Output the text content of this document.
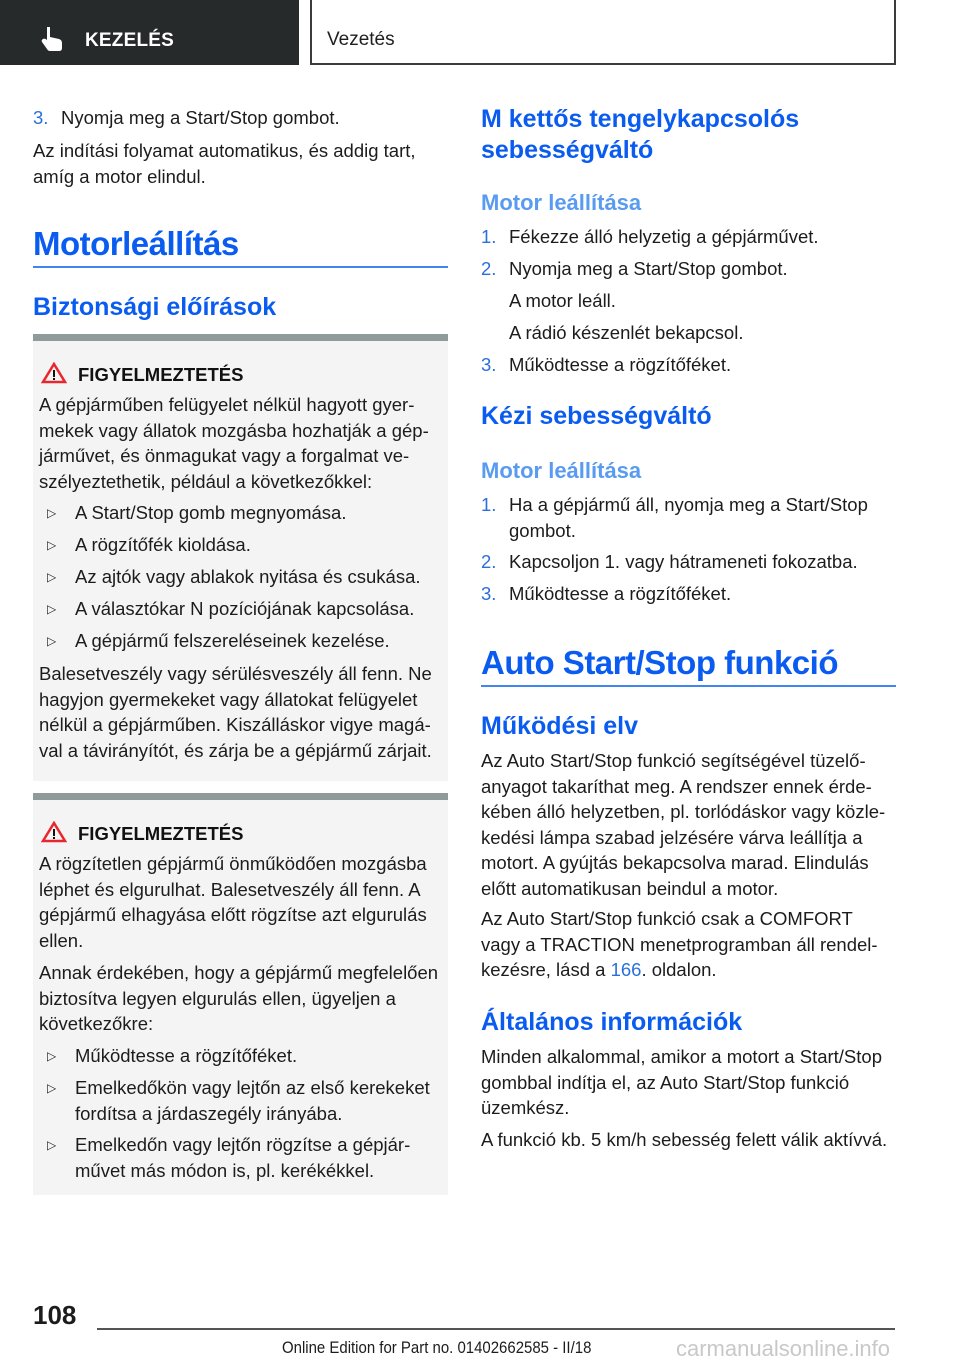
KEZELÉS	Vezetés
3. Nyomja meg a Start/Stop gombot.
Az indítási folyamat automatikus, és addig tart, amíg a motor elindul.
Motorleállítás
Biztonsági előírások
FIGYELMEZTETÉS
A gépjárműben felügyelet nélkül hagyott gyermekek vagy állatok mozgásba hozhatják a gépjárművet, és önmagukat vagy a forgalmat veszélyeztethetik, például a következőkkel:
▷	A Start/Stop gomb megnyomása.
▷	A rögzítőfék kioldása.
▷	Az ajtók vagy ablakok nyitása és csukása.
▷	A választókar N pozíciójának kapcsolása.
▷	A gépjármű felszereléseinek kezelése.
Balesetveszély vagy sérülésveszély áll fenn. Ne hagyjon gyermekeket vagy állatokat felügyelet nélkül a gépjárműben. Kiszálláskor vigye magával a távirányítót, és zárja be a gépjármű zárjait.
FIGYELMEZTETÉS
A rögzítetlen gépjármű önműködően mozgásba léphet és elgurulhat. Balesetveszély áll fenn. A gépjármű elhagyása előtt rögzítse azt elgurulás ellen.
Annak érdekében, hogy a gépjármű megfelelően biztosítva legyen elgurulás ellen, ügyeljen a következőkre:
▷	Működtesse a rögzítőféket.
▷	Emelkedőkön vagy lejtőn az első kerekeket fordítsa a járdaszegély irányába.
▷	Emelkedőn vagy lejtőn rögzítse a gépjárművet más módon is, pl. kerékékkel.
M kettős tengelykapcsolós sebességváltó
Motor leállítása
1. Fékezze álló helyzetig a gépjárművet.
2. Nyomja meg a Start/Stop gombot.
A motor leáll.
A rádió készenlét bekapcsol.
3. Működtesse a rögzítőféket.
Kézi sebességváltó
Motor leállítása
1. Ha a gépjármű áll, nyomja meg a Start/Stop gombot.
2. Kapcsoljon 1. vagy hátrameneti fokozatba.
3. Működtesse a rögzítőféket.
Auto Start/Stop funkció
Működési elv
Az Auto Start/Stop funkció segítségével tüzelőanyagot takaríthat meg. A rendszer ennek érdekében álló helyzetben, pl. torlódáskor vagy közlekedési lámpa szabad jelzésére várva leállítja a motort. A gyújtás bekapcsolva marad. Elindulás előtt automatikusan beindul a motor.
Az Auto Start/Stop funkció csak a COMFORT vagy a TRACTION menetprogramban áll rendelkezésre, lásd a 166. oldalon.
Általános információk
Minden alkalommal, amikor a motort a Start/Stop gombbal indítja el, az Auto Start/Stop funkció üzemkész.
A funkció kb. 5 km/h sebesség felett válik aktívvá.
108
Online Edition for Part no. 01402662585 - II/18	carmanualsonline.info
